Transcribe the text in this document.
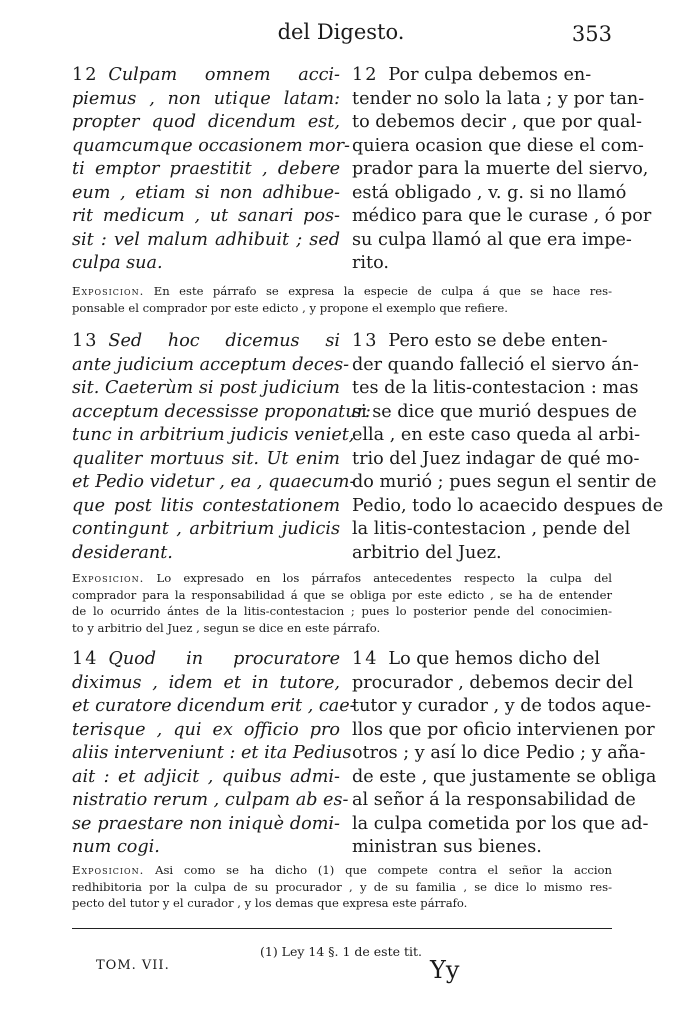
del Digesto.	353
12 Culpam omnem acci-
piemus , non utique latam:
propter quod dicendum est,
quamcumque occasionem mor-
ti emptor praestitit , debere
eum , etiam si non adhibue-
rit medicum , ut sanari pos-
sit : vel malum adhibuit ; sed
culpa sua.
12 Por culpa debemos en-
tender no solo la lata ; y por tan-
to debemos decir , que por qual-
quiera ocasion que diese el com-
prador para la muerte del siervo,
está obligado , v. g. si no llamó
médico para que le curase , ó por
su culpa llamó al que era impe-
rito.
Exposicion. En este párrafo se expresa la especie de culpa á que se hace res-
ponsable el comprador por este edicto , y propone el exemplo que refiere.
13 Sed hoc dicemus si
ante judicium acceptum deces-
sit. Caeterùm si post judicium
acceptum decessisse proponatur:
tunc in arbitrium judicis veniet,
qualiter mortuus sit. Ut enim
et Pedio videtur , ea , quaecum-
que post litis contestationem
contingunt , arbitrium judicis
desiderant.
13 Pero esto se debe enten-
der quando falleció el siervo án-
tes de la litis-contestacion : mas
si se dice que murió despues de
ella , en este caso queda al arbi-
trio del Juez indagar de qué mo-
do murió ; pues segun el sentir de
Pedio, todo lo acaecido despues de
la litis-contestacion , pende del
arbitrio del Juez.
Exposicion. Lo expresado en los párrafos antecedentes respecto la culpa del
comprador para la responsabilidad á que se obliga por este edicto , se ha de entender
de lo ocurrido ántes de la litis-contestacion ; pues lo posterior pende del conocimien-
to y arbitrio del Juez , segun se dice en este párrafo.
14 Quod in procuratore
diximus , idem et in tutore,
et curatore dicendum erit , cae-
terisque , qui ex officio pro
aliis interveniunt : et ita Pedius
ait : et adjicit , quibus admi-
nistratio rerum , culpam ab es-
se praestare non iniquè domi-
num cogi.
14 Lo que hemos dicho del
procurador , debemos decir del
tutor y curador , y de todos aque-
llos que por oficio intervienen por
otros ; y así lo dice Pedio ; y aña-
de este , que justamente se obliga
al señor á la responsabilidad de
la culpa cometida por los que ad-
ministran sus bienes.
Exposicion. Asi como se ha dicho (1) que compete contra el señor la accion
redhibitoria por la culpa de su procurador , y de su familia , se dice lo mismo res-
pecto del tutor y el curador , y los demas que expresa este párrafo.
(1) Ley 14 §. 1 de este tit.
TOM. VII.	Yy
